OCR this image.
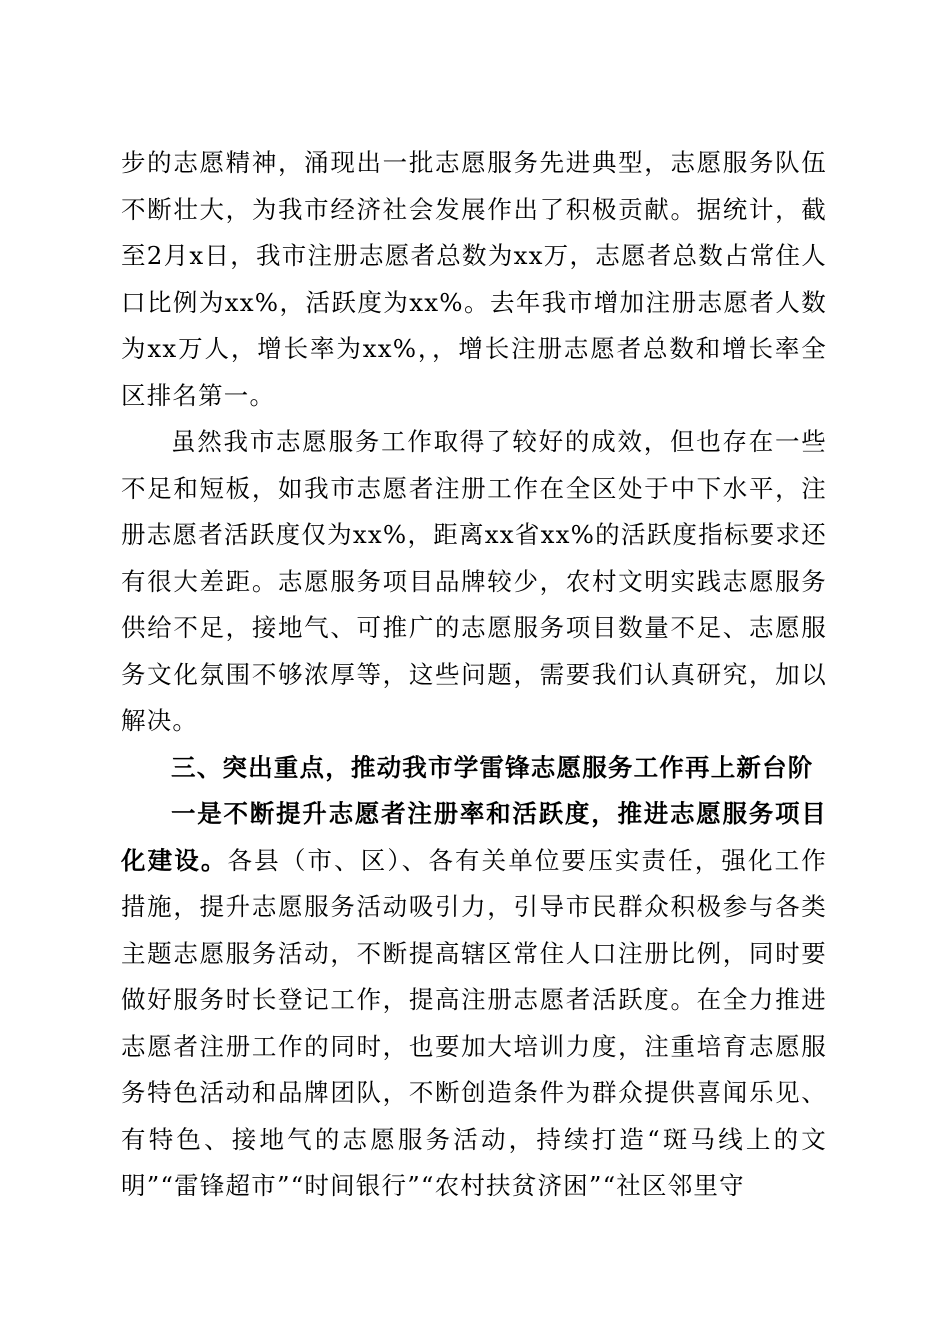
步的志愿精神，涌现出一批志愿服务先进典型，志愿服务队伍不断壮大，为我市经济社会发展作出了积极贡献。据统计，截至2月x日，我市注册志愿者总数为xx万，志愿者总数占常住人口比例为xx%，活跃度为xx%。去年我市增加注册志愿者人数为xx万人，增长率为xx%，，增长注册志愿者总数和增长率全区排名第一。

虽然我市志愿服务工作取得了较好的成效，但也存在一些不足和短板，如我市志愿者注册工作在全区处于中下水平，注册志愿者活跃度仅为xx%，距离xx省xx%的活跃度指标要求还有很大差距。志愿服务项目品牌较少，农村文明实践志愿服务供给不足，接地气、可推广的志愿服务项目数量不足、志愿服务文化氛围不够浓厚等，这些问题，需要我们认真研究，加以解决。

三、突出重点，推动我市学雷锋志愿服务工作再上新台阶

一是不断提升志愿者注册率和活跃度，推进志愿服务项目化建设。各县（市、区）、各有关单位要压实责任，强化工作措施，提升志愿服务活动吸引力，引导市民群众积极参与各类主题志愿服务活动，不断提高辖区常住人口注册比例，同时要做好服务时长登记工作，提高注册志愿者活跃度。在全力推进志愿者注册工作的同时，也要加大培训力度，注重培育志愿服务特色活动和品牌团队，不断创造条件为群众提供喜闻乐见、有特色、接地气的志愿服务活动，持续打造“斑马线上的文明”“雷锋超市”“时间银行”“农村扶贫济困”“社区邻里守
